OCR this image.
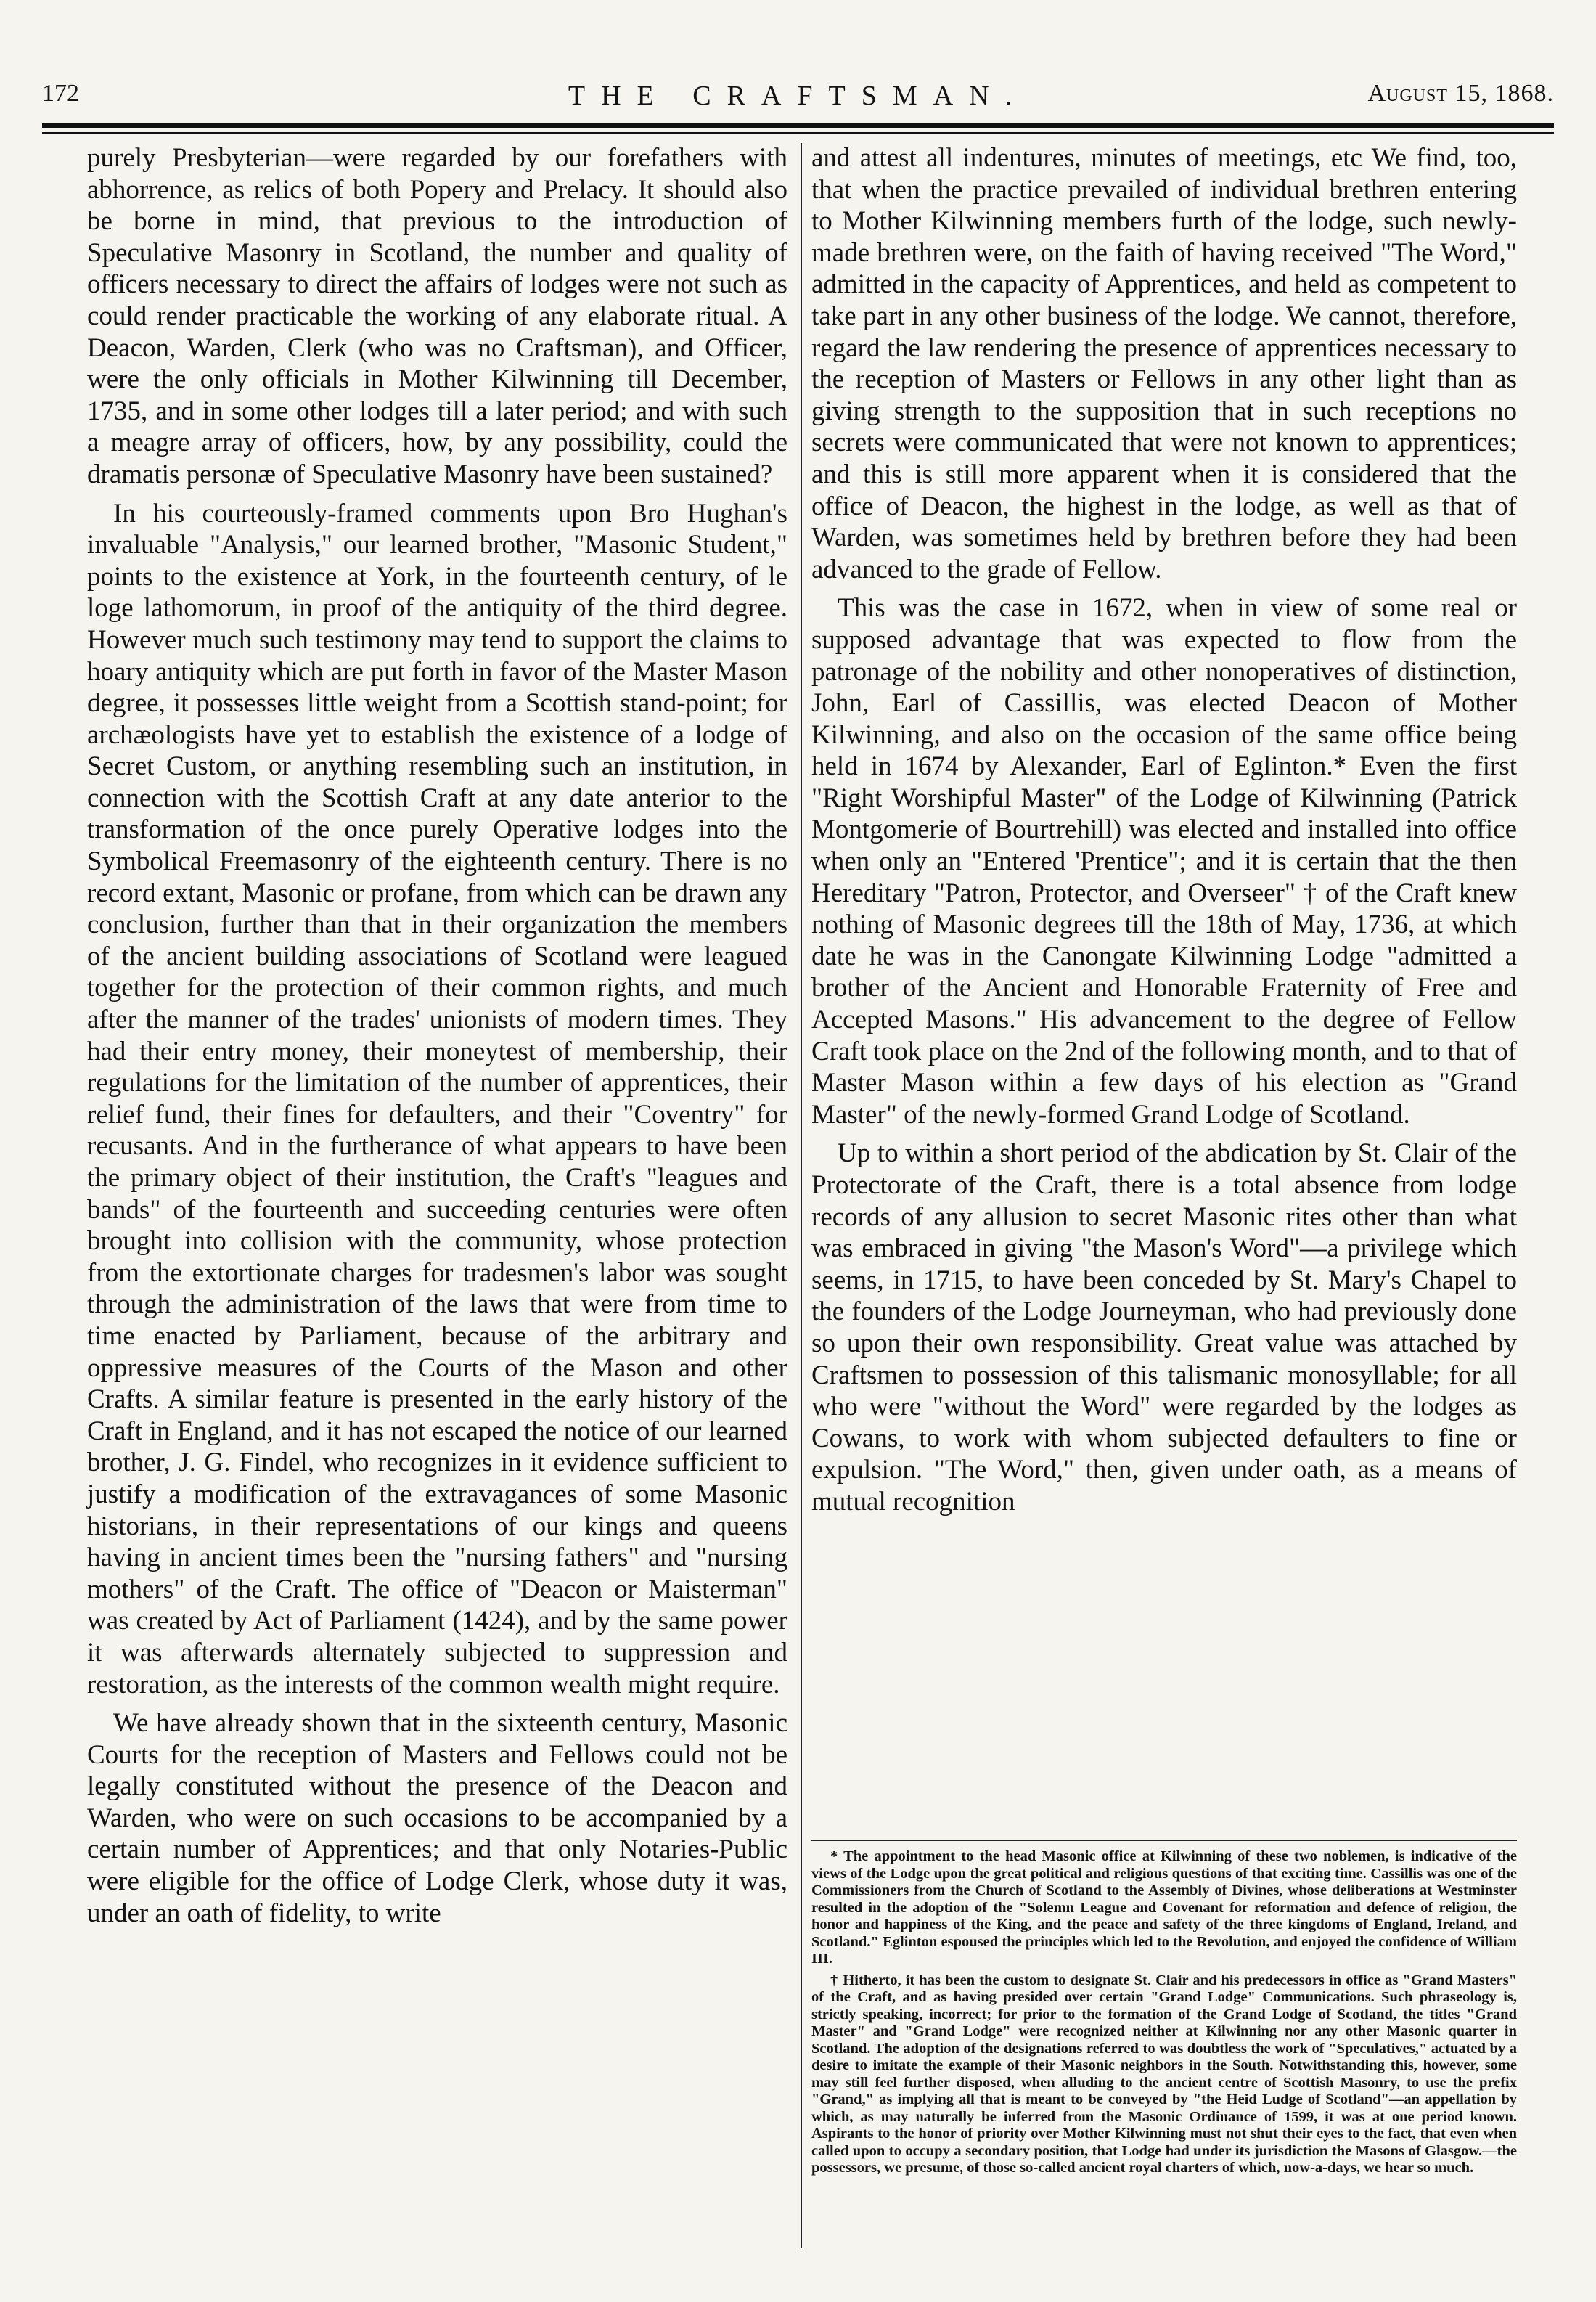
172	THE CRAFTSMAN.	August 15, 1868.

purely Presbyterian—were regarded by our forefathers with abhorrence, as relics of both Popery and Prelacy. It should also be borne in mind, that previous to the introduction of Speculative Masonry in Scotland, the number and quality of officers necessary to direct the affairs of lodges were not such as could render practicable the working of any elaborate ritual. A Deacon, Warden, Clerk (who was no Craftsman), and Officer, were the only officials in Mother Kilwinning till December, 1735, and in some other lodges till a later period; and with such a meagre array of officers, how, by any possibility, could the dramatis personæ of Speculative Masonry have been sustained?

In his courteously-framed comments upon Bro Hughan's invaluable "Analysis," our learned brother, "Masonic Student," points to the existence at York, in the fourteenth century, of le loge lathomorum, in proof of the antiquity of the third degree. However much such testimony may tend to support the claims to hoary antiquity which are put forth in favor of the Master Mason degree, it possesses little weight from a Scottish stand-point; for archæologists have yet to establish the existence of a lodge of Secret Custom, or anything resembling such an institution, in connection with the Scottish Craft at any date anterior to the transformation of the once purely Operative lodges into the Symbolical Freemasonry of the eighteenth century. There is no record extant, Masonic or profane, from which can be drawn any conclusion, further than that in their organization the members of the ancient building associations of Scotland were leagued together for the protection of their common rights, and much after the manner of the trades' unionists of modern times. They had their entry money, their moneytest of membership, their regulations for the limitation of the number of apprentices, their relief fund, their fines for defaulters, and their "Coventry" for recusants. And in the furtherance of what appears to have been the primary object of their institution, the Craft's "leagues and bands" of the fourteenth and succeeding centuries were often brought into collision with the community, whose protection from the extortionate charges for tradesmen's labor was sought through the administration of the laws that were from time to time enacted by Parliament, because of the arbitrary and oppressive measures of the Courts of the Mason and other Crafts. A similar feature is presented in the early history of the Craft in England, and it has not escaped the notice of our learned brother, J. G. Findel, who recognizes in it evidence sufficient to justify a modification of the extravagances of some Masonic historians, in their representations of our kings and queens having in ancient times been the "nursing fathers" and "nursing mothers" of the Craft. The office of "Deacon or Maisterman" was created by Act of Parliament (1424), and by the same power it was afterwards alternately subjected to suppression and restoration, as the interests of the common wealth might require.

We have already shown that in the sixteenth century, Masonic Courts for the reception of Masters and Fellows could not be legally constituted without the presence of the Deacon and Warden, who were on such occasions to be accompanied by a certain number of Apprentices; and that only Notaries-Public were eligible for the office of Lodge Clerk, whose duty it was, under an oath of fidelity, to write

and attest all indentures, minutes of meetings, etc We find, too, that when the practice prevailed of individual brethren entering to Mother Kilwinning members furth of the lodge, such newly-made brethren were, on the faith of having received "The Word," admitted in the capacity of Apprentices, and held as competent to take part in any other business of the lodge. We cannot, therefore, regard the law rendering the presence of apprentices necessary to the reception of Masters or Fellows in any other light than as giving strength to the supposition that in such receptions no secrets were communicated that were not known to apprentices; and this is still more apparent when it is considered that the office of Deacon, the highest in the lodge, as well as that of Warden, was sometimes held by brethren before they had been advanced to the grade of Fellow.

This was the case in 1672, when in view of some real or supposed advantage that was expected to flow from the patronage of the nobility and other nonoperatives of distinction, John, Earl of Cassillis, was elected Deacon of Mother Kilwinning, and also on the occasion of the same office being held in 1674 by Alexander, Earl of Eglinton.* Even the first "Right Worshipful Master" of the Lodge of Kilwinning (Patrick Montgomerie of Bourtrehill) was elected and installed into office when only an "Entered 'Prentice"; and it is certain that the then Hereditary "Patron, Protector, and Overseer" † of the Craft knew nothing of Masonic degrees till the 18th of May, 1736, at which date he was in the Canongate Kilwinning Lodge "admitted a brother of the Ancient and Honorable Fraternity of Free and Accepted Masons." His advancement to the degree of Fellow Craft took place on the 2nd of the following month, and to that of Master Mason within a few days of his election as "Grand Master" of the newly-formed Grand Lodge of Scotland.

Up to within a short period of the abdication by St. Clair of the Protectorate of the Craft, there is a total absence from lodge records of any allusion to secret Masonic rites other than what was embraced in giving "the Mason's Word"—a privilege which seems, in 1715, to have been conceded by St. Mary's Chapel to the founders of the Lodge Journeyman, who had previously done so upon their own responsibility. Great value was attached by Craftsmen to possession of this talismanic monosyllable; for all who were "without the Word" were regarded by the lodges as Cowans, to work with whom subjected defaulters to fine or expulsion. "The Word," then, given under oath, as a means of mutual recognition

* The appointment to the head Masonic office at Kilwinning of these two noblemen, is indicative of the views of the Lodge upon the great political and religious questions of that exciting time. Cassillis was one of the Commissioners from the Church of Scotland to the Assembly of Divines, whose deliberations at Westminster resulted in the adoption of the "Solemn League and Covenant for reformation and defence of religion, the honor and happiness of the King, and the peace and safety of the three kingdoms of England, Ireland, and Scotland." Eglinton espoused the principles which led to the Revolution, and enjoyed the confidence of William III.

† Hitherto, it has been the custom to designate St. Clair and his predecessors in office as "Grand Masters" of the Craft, and as having presided over certain "Grand Lodge" Communications. Such phraseology is, strictly speaking, incorrect; for prior to the formation of the Grand Lodge of Scotland, the titles "Grand Master" and "Grand Lodge" were recognized neither at Kilwinning nor any other Masonic quarter in Scotland. The adoption of the designations referred to was doubtless the work of "Speculatives," actuated by a desire to imitate the example of their Masonic neighbors in the South. Notwithstanding this, however, some may still feel further disposed, when alluding to the ancient centre of Scottish Masonry, to use the prefix "Grand," as implying all that is meant to be conveyed by "the Heid Ludge of Scotland"—an appellation by which, as may naturally be inferred from the Masonic Ordinance of 1599, it was at one period known. Aspirants to the honor of priority over Mother Kilwinning must not shut their eyes to the fact, that even when called upon to occupy a secondary position, that Lodge had under its jurisdiction the Masons of Glasgow.—the possessors, we presume, of those so-called ancient royal charters of which, now-a-days, we hear so much.
